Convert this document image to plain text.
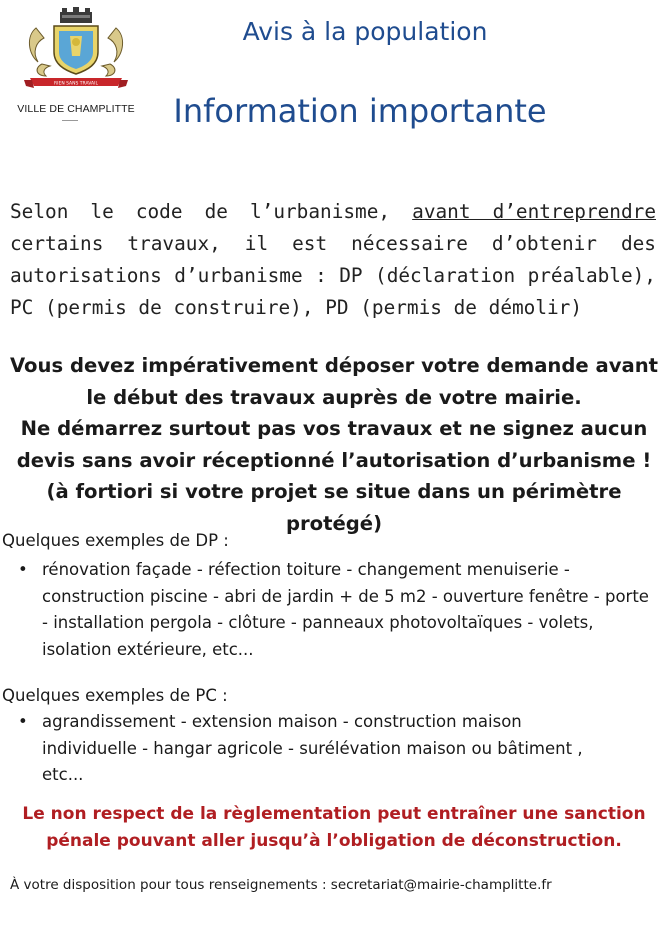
RIEN SANS TRAVAIL
VILLE DE CHAMPLITTE
Avis à la population
Information importante

Selon le code de l’urbanisme, avant d’entreprendre certains travaux, il est nécessaire d’obtenir des autorisations d’urbanisme : DP (déclaration préalable), PC (permis de construire), PD (permis de démolir)

Vous devez impérativement déposer votre demande avant le début des travaux auprès de votre mairie.
Ne démarrez surtout pas vos travaux et ne signez aucun devis sans avoir réceptionné l’autorisation d’urbanisme !
(à fortiori si votre projet se situe dans un périmètre protégé)
Quelques exemples de DP :
• rénovation façade - réfection toiture - changement menuiserie - construction piscine - abri de jardin + de 5 m2 - ouverture fenêtre - porte - installation pergola - clôture - panneaux photovoltaïques - volets, isolation extérieure, etc...
Quelques exemples de PC :
• agrandissement - extension maison - construction maison individuelle - hangar agricole - surélévation maison ou bâtiment , etc...
Le non respect de la règlementation peut entraîner une sanction pénale pouvant aller jusqu’à l’obligation de déconstruction.
À votre disposition pour tous renseignements : secretariat@mairie-champlitte.fr
